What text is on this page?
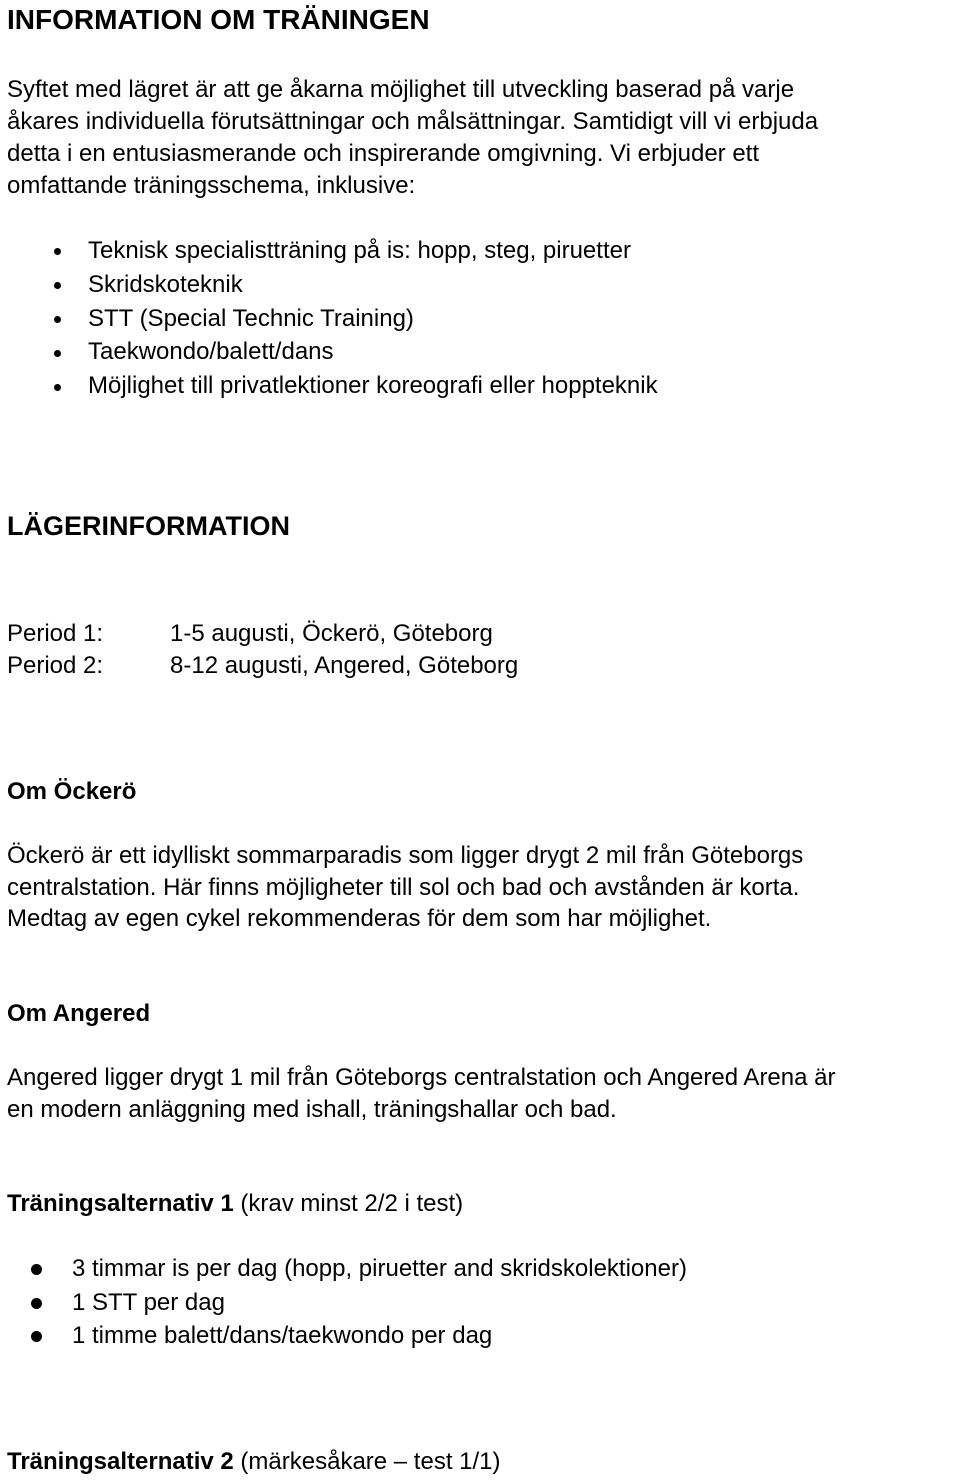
INFORMATION OM TRÄNINGEN
Syftet med lägret är att ge åkarna möjlighet till utveckling baserad på varje
åkares individuella förutsättningar och målsättningar. Samtidigt vill vi erbjuda
detta i en entusiasmerande och inspirerande omgivning. Vi erbjuder ett
omfattande träningsschema, inklusive:
Teknisk specialistträning på is: hopp, steg, piruetter
Skridskoteknik
STT (Special Technic Training)
Taekwondo/balett/dans
Möjlighet till privatlektioner koreografi eller hoppteknik
LÄGERINFORMATION
Period 1:	1-5 augusti, Öckerö, Göteborg
Period 2:	8-12 augusti, Angered, Göteborg
Om Öckerö
Öckerö är ett idylliskt sommarparadis som ligger drygt 2 mil från Göteborgs
centralstation. Här finns möjligheter till sol och bad och avstånden är korta.
Medtag av egen cykel rekommenderas för dem som har möjlighet.
Om Angered
Angered ligger drygt 1 mil från Göteborgs centralstation och Angered Arena är
en modern anläggning med ishall, träningshallar och bad.
Träningsalternativ 1 (krav minst 2/2 i test)
3 timmar is per dag (hopp, piruetter and skridskolektioner)
1 STT per dag
1 timme balett/dans/taekwondo per dag
Träningsalternativ 2 (märkesåkare – test 1/1)
